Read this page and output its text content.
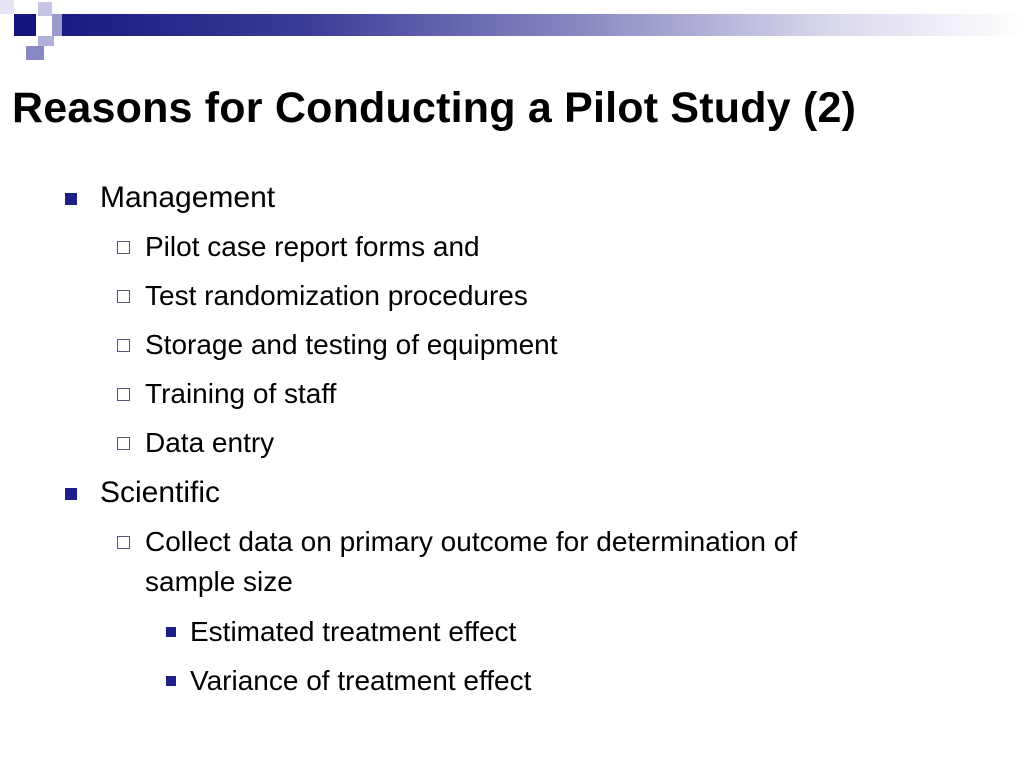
Reasons for Conducting a Pilot Study (2)
Management
Pilot case report forms and
Test randomization procedures
Storage and testing of equipment
Training of staff
Data entry
Scientific
Collect data on primary outcome for determination of
sample size
Estimated treatment effect
Variance of treatment effect
